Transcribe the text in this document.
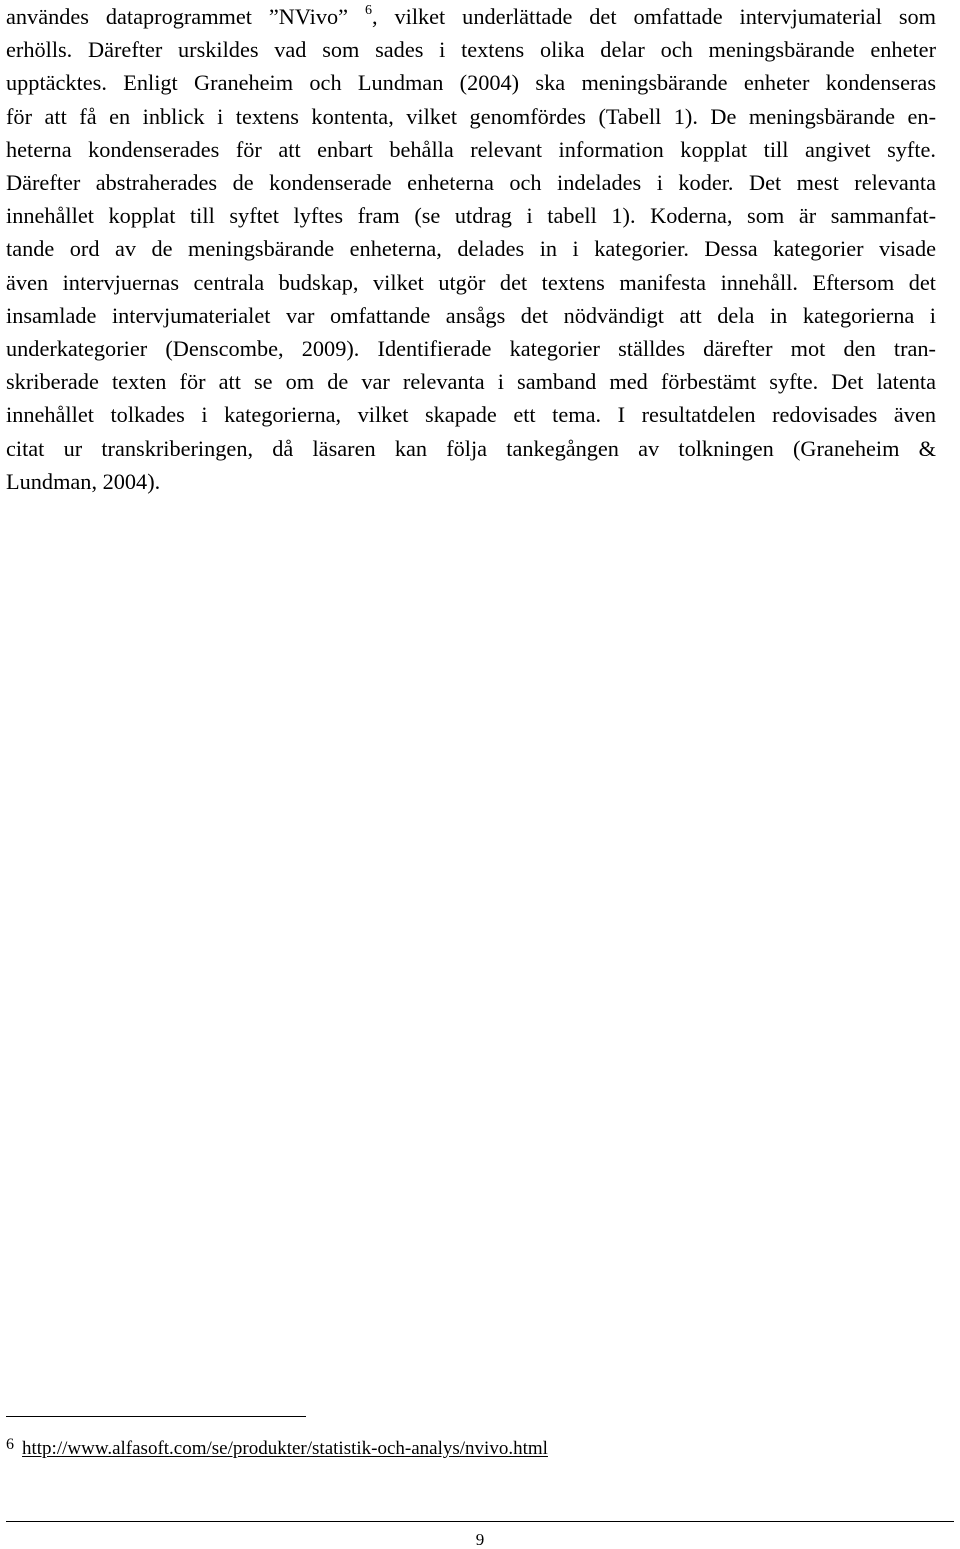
användes dataprogrammet ”NVivo” $^6$, vilket underlättade det omfattade intervjumaterial som
erhölls. Därefter urskildes vad som sades i textens olika delar och meningsbärande enheter
upptäcktes. Enligt Graneheim och Lundman (2004) ska meningsbärande enheter kondenseras
för att få en inblick i textens kontenta, vilket genomfördes (Tabell 1). De meningsbärande en-
heterna kondenserades för att enbart behålla relevant information kopplat till angivet syfte.
Därefter abstraherades de kondenserade enheterna och indelades i koder. Det mest relevanta
innehållet kopplat till syftet lyftes fram (se utdrag i tabell 1). Koderna, som är sammanfat-
tande ord av de meningsbärande enheterna, delades in i kategorier. Dessa kategorier visade
även intervjuernas centrala budskap, vilket utgör det textens manifesta innehåll. Eftersom det
insamlade intervjumaterialet var omfattande ansågs det nödvändigt att dela in kategorierna i
underkategorier (Denscombe, 2009). Identifierade kategorier ställdes därefter mot den tran-
skriberade texten för att se om de var relevanta i samband med förbestämt syfte. Det latenta
innehållet tolkades i kategorierna, vilket skapade ett tema. I resultatdelen redovisades även
citat ur transkriberingen, då läsaren kan följa tankegången av tolkningen (Graneheim &
Lundman, 2004).
6 http://www.alfasoft.com/se/produkter/statistik-och-analys/nvivo.html
9
